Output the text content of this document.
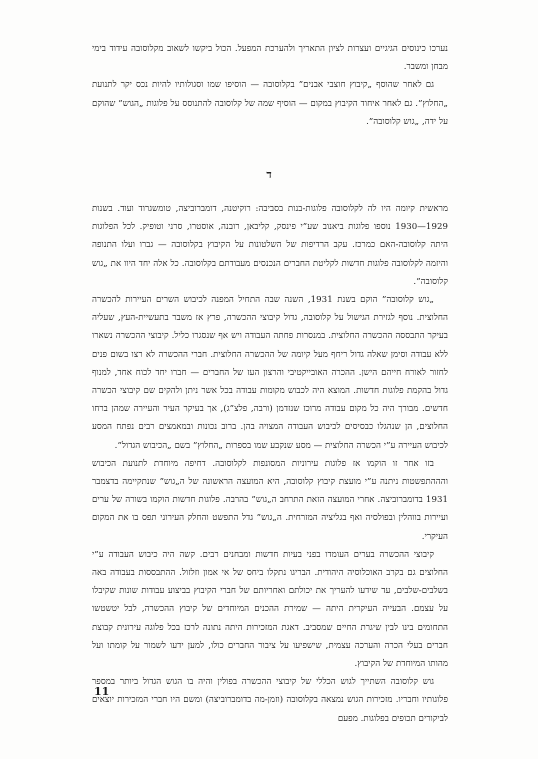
נערכו כינוסים הגיגיים ועצרות לציון התאריך ולהערכת המפעל. הכול ביקשו לשאוב מקלוסובה עידוד בימי מבחן ומשבר.

גם לאחר שהוסף „קיבוץ חוצבי אבנים” בקלוסובה — הוסיפו שמו וסגולותיו להיות נכס יקר לתנועת „החלוץ”. גם לאחר איחוד הקיבוץ במקום — הוסיף שמה של קלוסובה להתנוסס על פלוגות „הגוש” שהוקם על ידה, „גוש קלוסובה”.

ד

מראשית קיומה היו לה לקלוסובה פלוגות-בנות בסביבה: רוקיטנה, דומברוביצה, טומשגרוד ועוד. בשנות 1929—1930 נוספו פלוגות ביאנוב שע”י פינסק, קליבאן, רובנה, אוסטרו, סרני וטופיק. לכל הפלוגות היתה קלוסובה-האם כמרכז. עקב הרדיפות של השלטונות על הקיבוץ בקלוסובה — גברו ועלו התנופה והיזמה לקלוסובה פלוגות חדשות לקליטת החברים הנכנסים מעבודתם בקלוסובה. כל אלה יחד היוו את „גוש קלוסובה”.

„גוש קלוסובה” הוקם בשנת 1931, השנה שבה התחיל המפנה לכיבוש השרים העיירות להכשרה החלוצית. נוסף לגזירת הגישול על קלוסובה, גדול קיבוצי ההכשרה, פרץ אז משבר בתעשיית-העץ, שעליה בעיקר התבססה ההכשרה החלוצית. במנסרות פחתה העבודה ויש אף שנסגרו כליל. קיבוצי ההכשרה נשארו ללא עבודה וסימן שאלה גדול ריחף מעל קיומה של ההכשרה החלוצית. חברי ההכשרה לא רצו בשום פנים לחזור לאורח חייהם הישן. ההכרה האובייקטיבי והרצון העז של החברים — חברו יחד לכוח אחד, למנוף גדול בהקמת פלוגות חדשות. המוצא היה לכבוש מקומות עבודה בכל אשר ניתן ולהקים שם קיבוצי הכשרה חדשים. מבורך היה כל מקום עבודה מרוכז שנזדמן (ורבה, פלצ”ג), אך בעיקר העיר והעיירה שמהן ברחו החלוצים, הן שנהגלו כבסיסים לכיבוש העבודה המצויה בהן. ברוב נכונות ובמאמצים רבים נפתח המסע לכיבוש העיירה ע”י הכשרה החלוצית — מסע שנקבע שמו בספרות „החלוץ” בשם „הכיבוש הגדול”.

בזו אחר זו הוקמו אז פלוגות עירוניות המסונפות לקלוסובה. דחיפה מיוחדת לתנועת הכיבוש והההתפשטות ניתנה ע”י מועצת קיבוץ קלוסובה, היא המועצה הראשונה של ה„גוש” שנתקיימה בדצמבר 1931 בדומברוביצה. אחרי המועצה הזאת התרחב ה„גוש” בהרבה. פלוגות חדשות הוקמו בשורה של ערים ועיירות בווהלין ובפולסיה ואף בגליציה המזרחית. ה„גוש” גדל התפשט והחלק העירוני תפס בו את המקום העיקרי.

קיבוצי ההכשרה בערים העומדו בפני בעיות חדשות ומבחנים רבים. קשה היה כיבוש העבודה ע”י החלוצים גם בקרב האוכלוסיה היהודית. הבריגו נתקלו ביחס של אי אמון וזלזול. ההתבססות בעבודה באה בשלבים-שלבים, עד שידעו להעריך את יכולתם ואחריותם של חברי הקיבוץ בביצוע עבודות שונות שקיבלו על עצמם. הבעייה העיקרית היתה — שמירת ההכנים המיוחדים של קיבוץ ההכשרה, לבל יטשטשו התחומים בינו לבין שיגרת החיים שמסביב. דאגת המזכירות היתה נתונה לרכז בכל פלוגה עירונית קבוצת חברים בעלי הכרה והערכה עצמית, שישפיעו על ציבור החברים כולו, למען ידעו לשמור על קומתו ועל מהותו המיוחדת של הקיבוץ.

גוש קלוסובה השתייך לגוש הכללי של קיבוצי ההכשרה בפולין והיה בו הגוש הגדול ביותר במספר פלוגותיו וחבריו. מזכירות הגוש נמצאה בקלוסובה (וזמן-מה בדומברוביצה) ומשם היו חברי המזכירות יוצאים לביקורים תכופים בפלוגות. מפעם

11
